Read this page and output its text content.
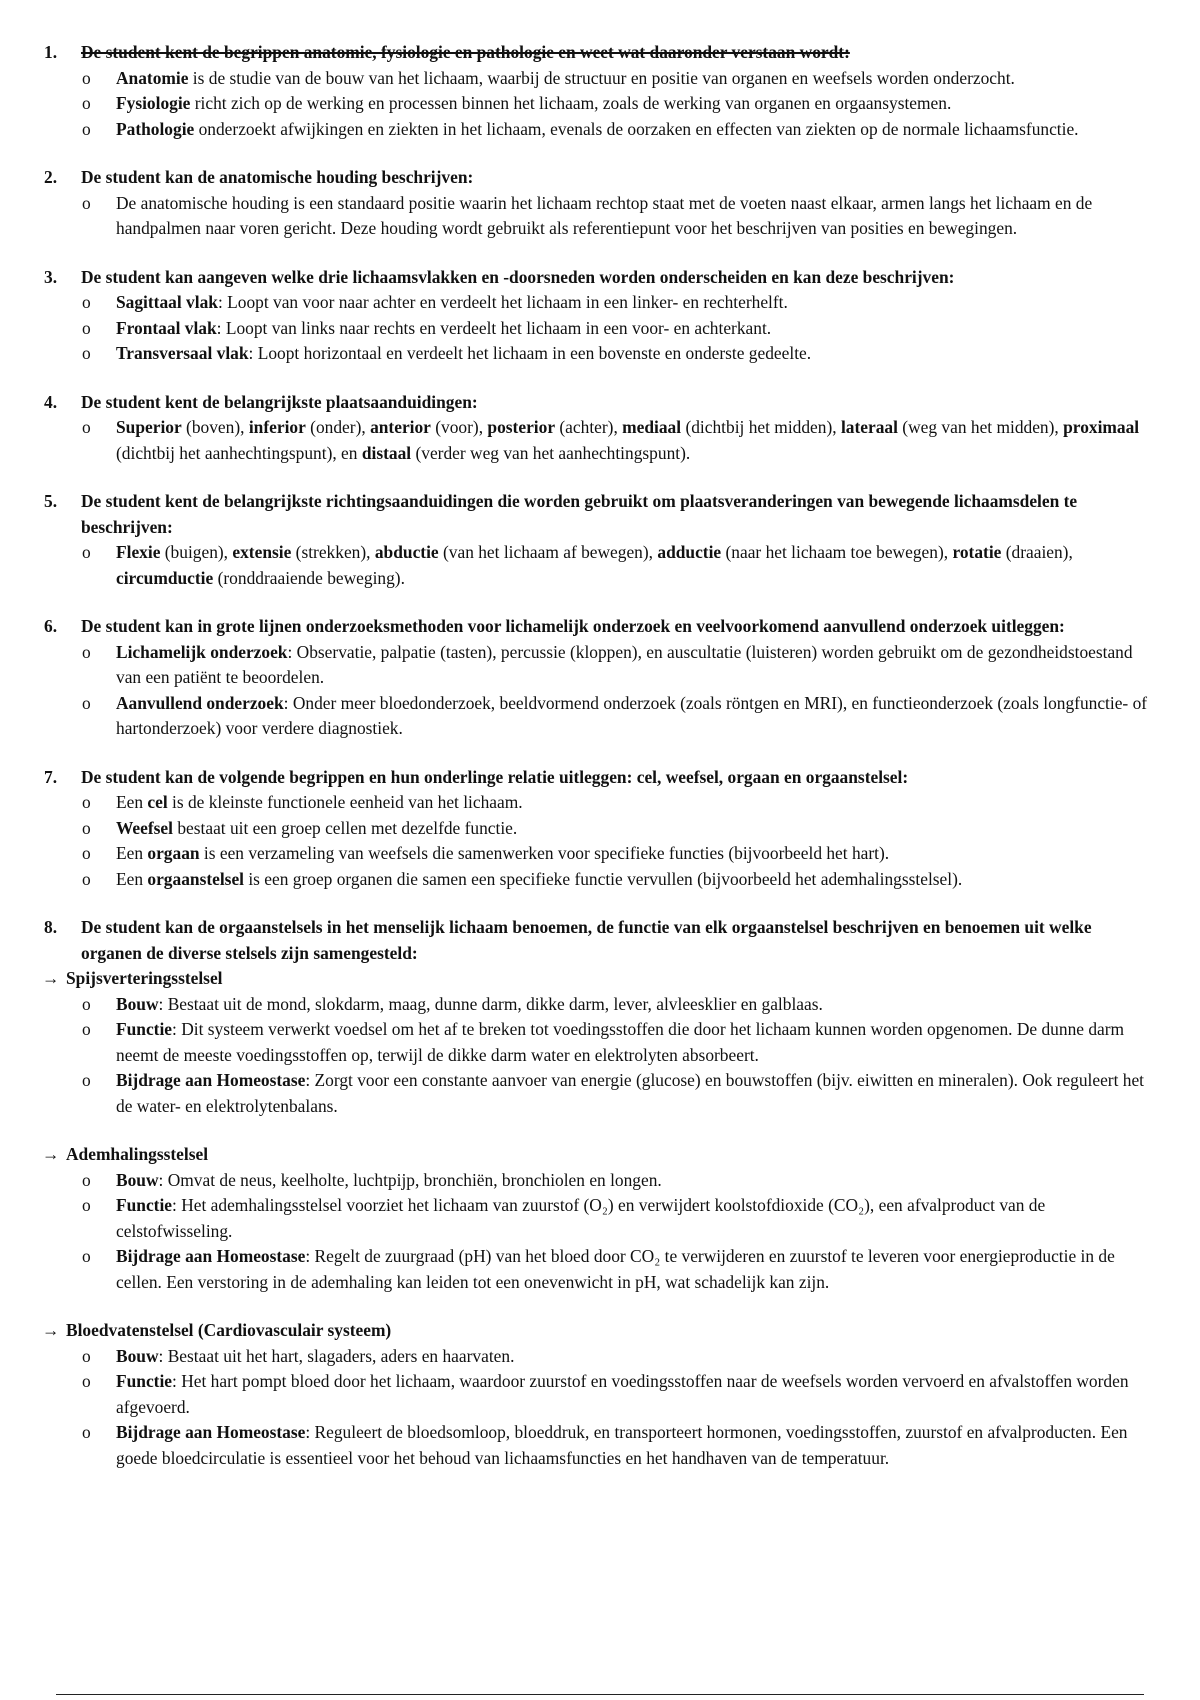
1.	De student kent de begrippen anatomie, fysiologie en pathologie en weet wat daaronder verstaan wordt:
o Anatomie is de studie van de bouw van het lichaam, waarbij de structuur en positie van organen en weefsels worden onderzocht.
o Fysiologie richt zich op de werking en processen binnen het lichaam, zoals de werking van organen en orgaansystemen.
o Pathologie onderzoekt afwijkingen en ziekten in het lichaam, evenals de oorzaken en effecten van ziekten op de normale lichaamsfunctie.
2.	De student kan de anatomische houding beschrijven:
o De anatomische houding is een standaard positie waarin het lichaam rechtop staat met de voeten naast elkaar, armen langs het lichaam en de handpalmen naar voren gericht. Deze houding wordt gebruikt als referentiepunt voor het beschrijven van posities en bewegingen.
3.	De student kan aangeven welke drie lichaamsvlakken en -doorsneden worden onderscheiden en kan deze beschrijven:
o Sagittaal vlak: Loopt van voor naar achter en verdeelt het lichaam in een linker- en rechterhelft.
o Frontaal vlak: Loopt van links naar rechts en verdeelt het lichaam in een voor- en achterkant.
o Transversaal vlak: Loopt horizontaal en verdeelt het lichaam in een bovenste en onderste gedeelte.
4.	De student kent de belangrijkste plaatsaanduidingen:
o Superior (boven), inferior (onder), anterior (voor), posterior (achter), mediaal (dichtbij het midden), lateraal (weg van het midden), proximaal (dichtbij het aanhechtingspunt), en distaal (verder weg van het aanhechtingspunt).
5.	De student kent de belangrijkste richtingsaanduidingen die worden gebruikt om plaatsveranderingen van bewegende lichaamsdelen te beschrijven:
o Flexie (buigen), extensie (strekken), abductie (van het lichaam af bewegen), adductie (naar het lichaam toe bewegen), rotatie (draaien), circumductie (ronddraaiende beweging).
6.	De student kan in grote lijnen onderzoeksmethoden voor lichamelijk onderzoek en veelvoorkomend aanvullend onderzoek uitleggen:
o Lichamelijk onderzoek: Observatie, palpatie (tasten), percussie (kloppen), en auscultatie (luisteren) worden gebruikt om de gezondheidstoestand van een patiënt te beoordelen.
o Aanvullend onderzoek: Onder meer bloedonderzoek, beeldvormend onderzoek (zoals röntgen en MRI), en functieonderzoek (zoals longfunctie- of hartonderzoek) voor verdere diagnostiek.
7.	De student kan de volgende begrippen en hun onderlinge relatie uitleggen: cel, weefsel, orgaan en orgaanstelsel:
o Een cel is de kleinste functionele eenheid van het lichaam.
o Weefsel bestaat uit een groep cellen met dezelfde functie.
o Een orgaan is een verzameling van weefsels die samenwerken voor specifieke functies (bijvoorbeeld het hart).
o Een orgaanstelsel is een groep organen die samen een specifieke functie vervullen (bijvoorbeeld het ademhalingsstelsel).
8.	De student kan de orgaanstelsels in het menselijk lichaam benoemen, de functie van elk orgaanstelsel beschrijven en benoemen uit welke organen de diverse stelsels zijn samengesteld:
→ Spijsverteringsstelsel
o Bouw: Bestaat uit de mond, slokdarm, maag, dunne darm, dikke darm, lever, alvleesklier en galblaas.
o Functie: Dit systeem verwerkt voedsel om het af te breken tot voedingsstoffen die door het lichaam kunnen worden opgenomen. De dunne darm neemt de meeste voedingsstoffen op, terwijl de dikke darm water en elektrolyten absorbeert.
o Bijdrage aan Homeostase: Zorgt voor een constante aanvoer van energie (glucose) en bouwstoffen (bijv. eiwitten en mineralen). Ook reguleert het de water- en elektrolytenbalans.
→ Ademhalingsstelsel
o Bouw: Omvat de neus, keelholte, luchtpijp, bronchiën, bronchiolen en longen.
o Functie: Het ademhalingsstelsel voorziet het lichaam van zuurstof (O₂) en verwijdert koolstofdioxide (CO₂), een afvalproduct van de celstofwisseling.
o Bijdrage aan Homeostase: Regelt de zuurgraad (pH) van het bloed door CO₂ te verwijderen en zuurstof te leveren voor energieproductie in de cellen. Een verstoring in de ademhaling kan leiden tot een onevenwicht in pH, wat schadelijk kan zijn.
→ Bloedvatenstelsel (Cardiovasculair systeem)
o Bouw: Bestaat uit het hart, slagaders, aders en haarvaten.
o Functie: Het hart pompt bloed door het lichaam, waardoor zuurstof en voedingsstoffen naar de weefsels worden vervoerd en afvalstoffen worden afgevoerd.
o Bijdrage aan Homeostase: Reguleert de bloedsomloop, bloeddruk, en transporteert hormonen, voedingsstoffen, zuurstof en afvalproducten. Een goede bloedcirculatie is essentieel voor het behoud van lichaamsfuncties en het handhaven van de temperatuur.
